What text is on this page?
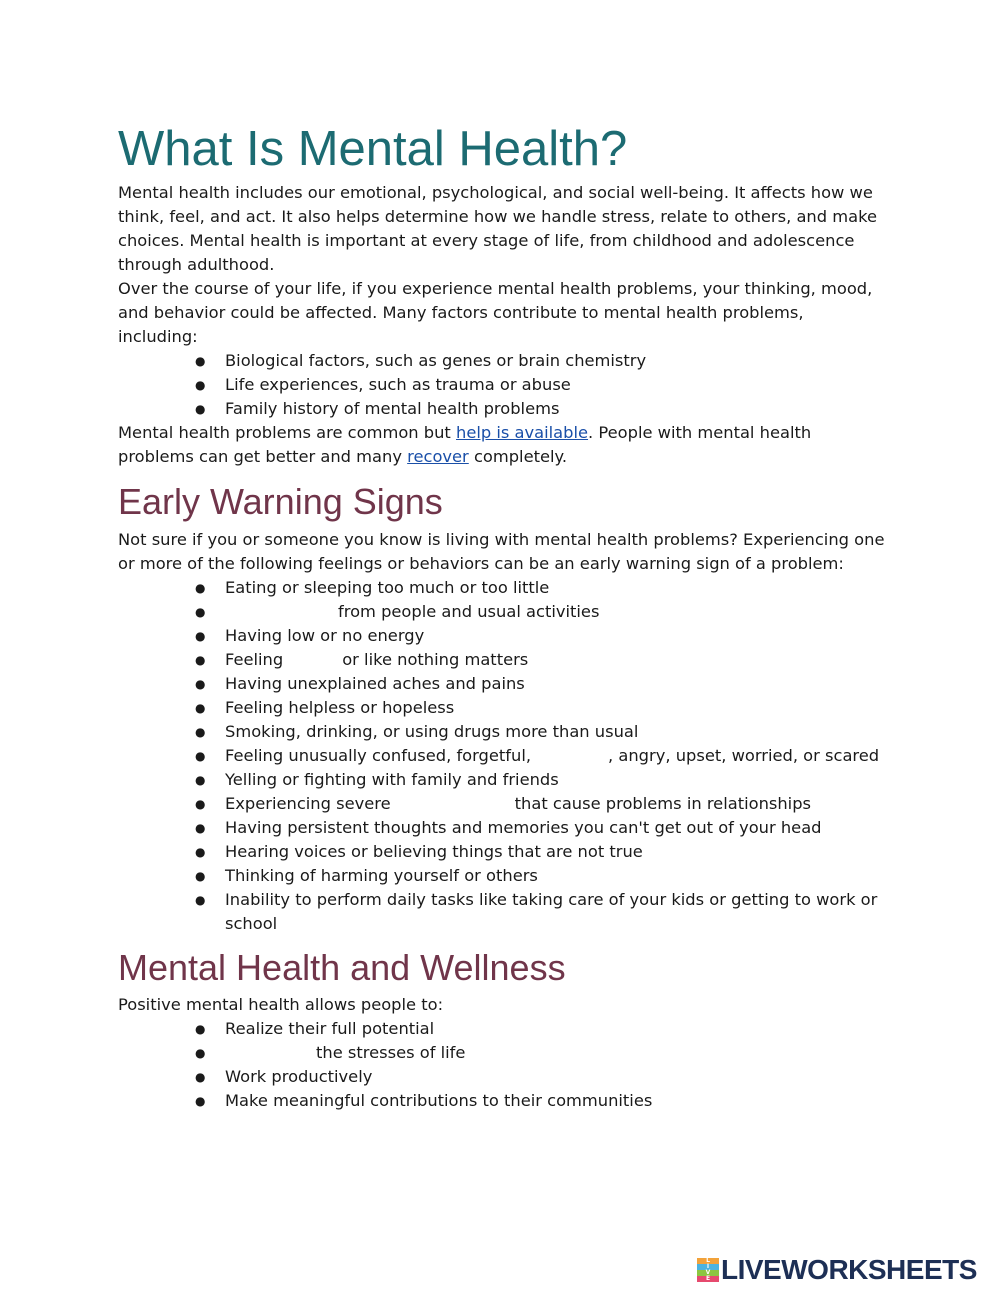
What Is Mental Health?

Mental health includes our emotional, psychological, and social well-being. It affects how we think, feel, and act. It also helps determine how we handle stress, relate to others, and make choices. Mental health is important at every stage of life, from childhood and adolescence through adulthood.

Over the course of your life, if you experience mental health problems, your thinking, mood, and behavior could be affected. Many factors contribute to mental health problems, including:

● Biological factors, such as genes or brain chemistry
● Life experiences, such as trauma or abuse
● Family history of mental health problems

Mental health problems are common but help is available. People with mental health problems can get better and many recover completely.

Early Warning Signs

Not sure if you or someone you know is living with mental health problems? Experiencing one or more of the following feelings or behaviors can be an early warning sign of a problem:

● Eating or sleeping too much or too little
●	from people and usual activities
● Having low or no energy
● Feeling	or like nothing matters
● Having unexplained aches and pains
● Feeling helpless or hopeless
● Smoking, drinking, or using drugs more than usual
● Feeling unusually confused, forgetful,	, angry, upset, worried, or scared
● Yelling or fighting with family and friends
● Experiencing severe	that cause problems in relationships
● Having persistent thoughts and memories you can't get out of your head
● Hearing voices or believing things that are not true
● Thinking of harming yourself or others
● Inability to perform daily tasks like taking care of your kids or getting to work or school
Mental Health and Wellness

Positive mental health allows people to:

● Realize their full potential
●	the stresses of life
● Work productively
● Make meaningful contributions to their communities
L
I
V
E LIVEWORKSHEETS
